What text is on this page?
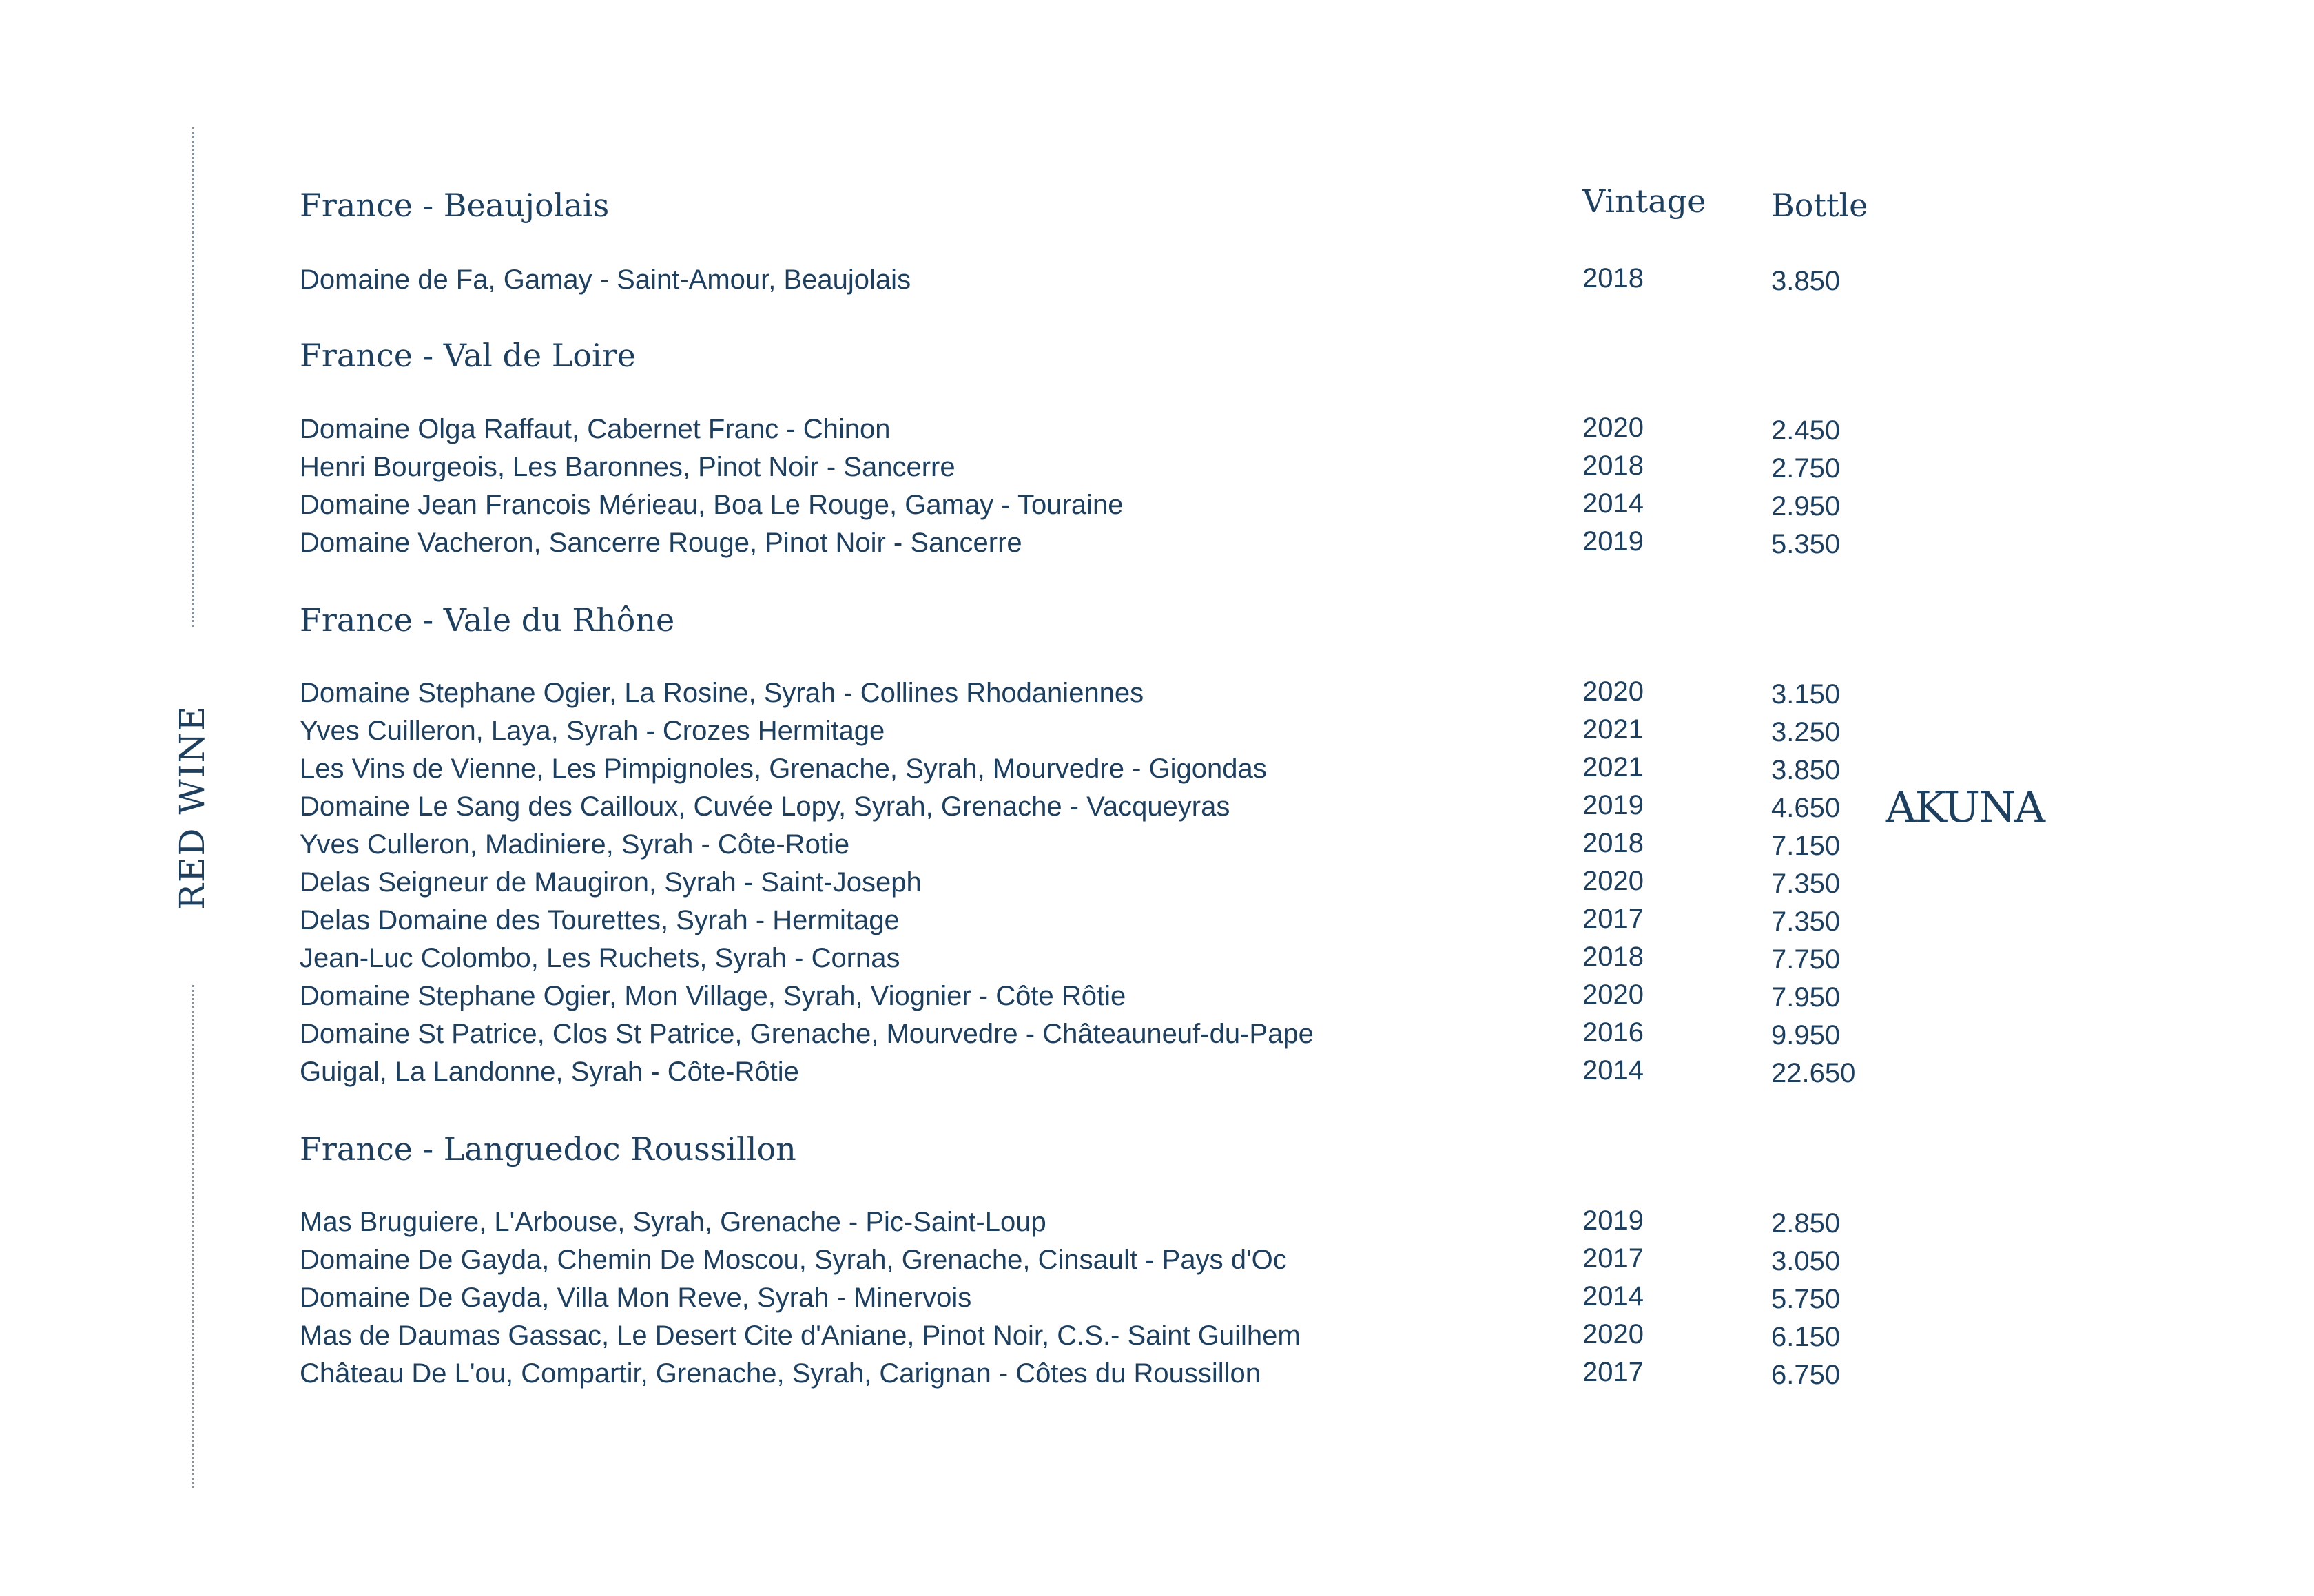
RED WINE
France - Beaujolais	Vintage Bottle
Domaine de Fa, Gamay - Saint-Amour, Beaujolais	2018	3.850
France - Val de Loire
Domaine Olga Raffaut, Cabernet Franc - Chinon	2020	2.450
Henri Bourgeois, Les Baronnes, Pinot Noir - Sancerre	2018	2.750
Domaine Jean Francois Mérieau, Boa Le Rouge, Gamay - Touraine	2014	2.950
Domaine Vacheron, Sancerre Rouge, Pinot Noir - Sancerre	2019	5.350
France - Vale du Rhône
Domaine Stephane Ogier, La Rosine, Syrah - Collines Rhodaniennes	2020	3.150
Yves Cuilleron, Laya, Syrah - Crozes Hermitage	2021	3.250
Les Vins de Vienne, Les Pimpignoles, Grenache, Syrah, Mourvedre - Gigondas	2021	3.850
Domaine Le Sang des Cailloux, Cuvée Lopy, Syrah, Grenache - Vacqueyras	2019	4.650
Yves Culleron, Madiniere, Syrah - Côte-Rotie	2018	7.150
Delas Seigneur de Maugiron, Syrah - Saint-Joseph	2020	7.350
Delas Domaine des Tourettes, Syrah - Hermitage	2017	7.350
Jean-Luc Colombo, Les Ruchets, Syrah - Cornas	2018	7.750
Domaine Stephane Ogier, Mon Village, Syrah, Viognier - Côte Rôtie	2020	7.950
Domaine St Patrice, Clos St Patrice, Grenache, Mourvedre - Châteauneuf-du-Pape	2016	9.950
Guigal, La Landonne, Syrah - Côte-Rôtie	2014	22.650
France - Languedoc Roussillon
Mas Bruguiere, L'Arbouse, Syrah, Grenache - Pic-Saint-Loup	2019	2.850
Domaine De Gayda, Chemin De Moscou, Syrah, Grenache, Cinsault - Pays d'Oc	2017	3.050
Domaine De Gayda, Villa Mon Reve, Syrah - Minervois	2014	5.750
Mas de Daumas Gassac, Le Desert Cite d'Aniane, Pinot Noir, C.S.- Saint Guilhem	2020	6.150
Château De L'ou, Compartir, Grenache, Syrah, Carignan - Côtes du Roussillon	2017	6.750
AKUNA
